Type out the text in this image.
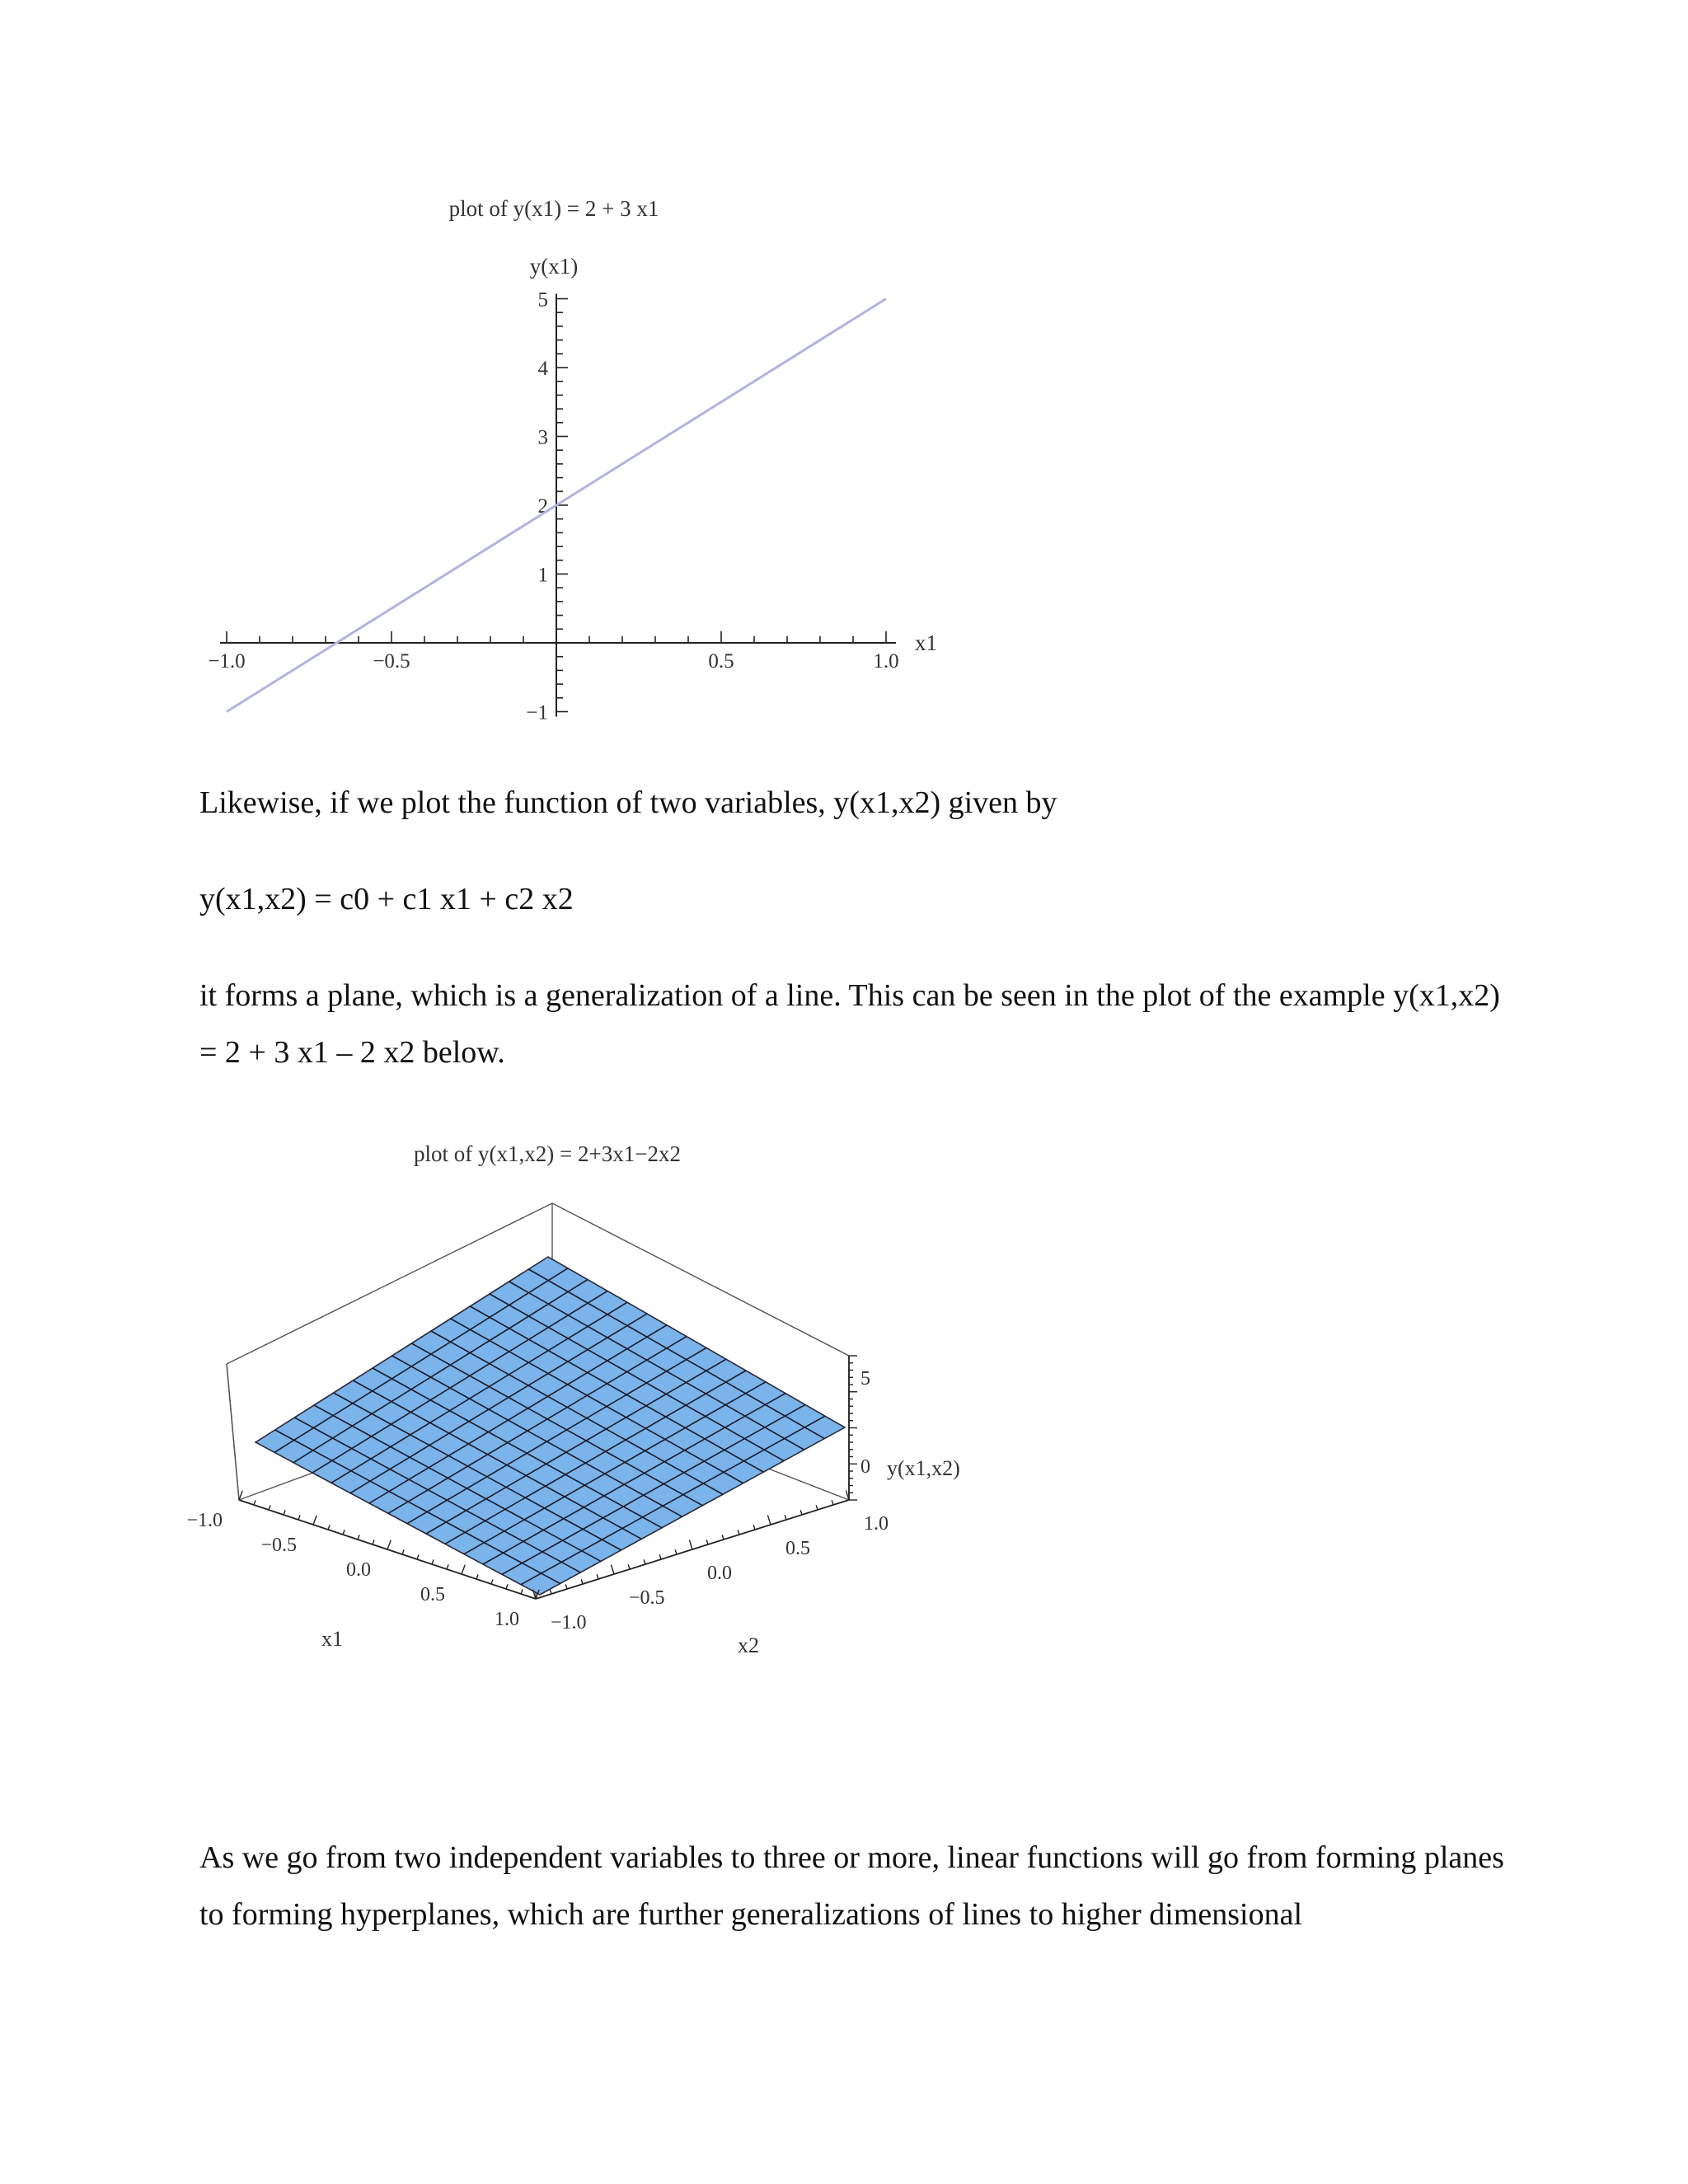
plot of y(x1) = 2 + 3 x1
y(x1)
x1
−1.0	−0.5	0.5	1.0
5
4
3
2
1
−1

Likewise, if we plot the function of two variables, y(x1,x2) given by

y(x1,x2) = c0 + c1 x1 + c2 x2

it forms a plane, which is a generalization of a line. This can be seen in the plot of the example y(x1,x2) = 2 + 3 x1 – 2 x2 below.

plot of y(x1,x2) = 2+3x1−2x2
−1.0
−0.5
0.0
0.5
1.0 −1.0
−0.5
0.0
0.5
1.0
5
0
x1	x2
y(x1,x2)

As we go from two independent variables to three or more, linear functions will go from forming planes to forming hyperplanes, which are further generalizations of lines to higher dimensional
